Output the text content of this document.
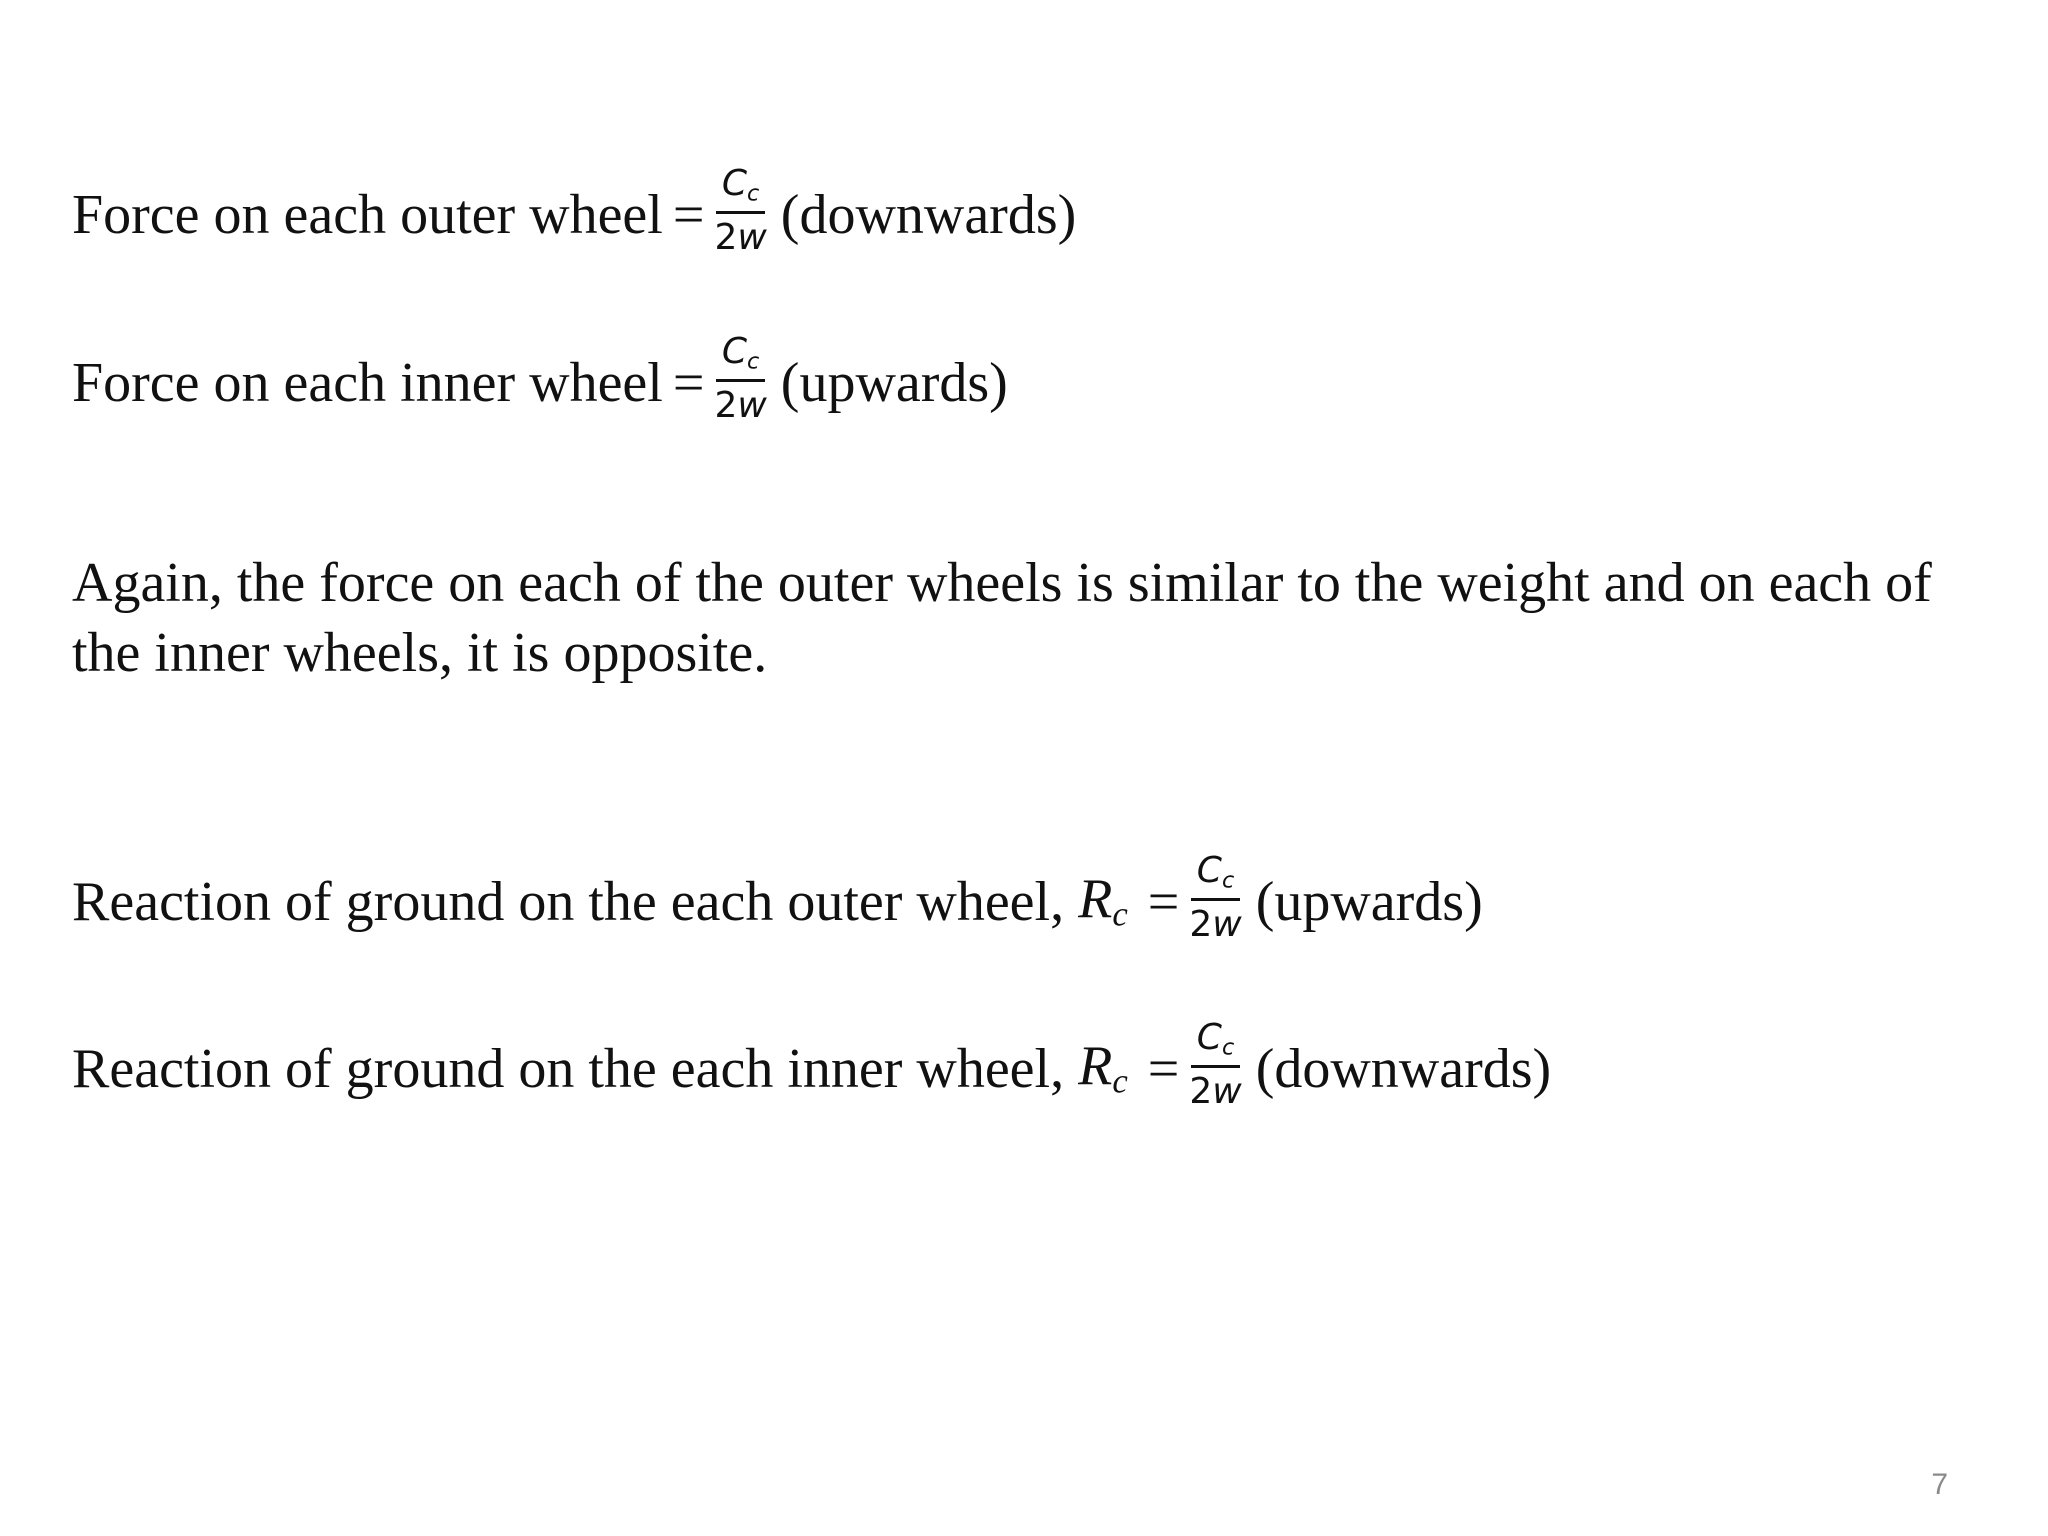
Force on each outer wheel = $\frac{C_c}{2w}$ (downwards)
Force on each inner wheel = $\frac{C_c}{2w}$ (upwards)
Again, the force on each of the outer wheels is similar to the weight and on each of the inner wheels, it is opposite.
Reaction of ground on the each outer wheel, $R_c = \frac{C_c}{2w}$ (upwards)
Reaction of ground on the each inner wheel, $R_c = \frac{C_c}{2w}$ (downwards)
7
